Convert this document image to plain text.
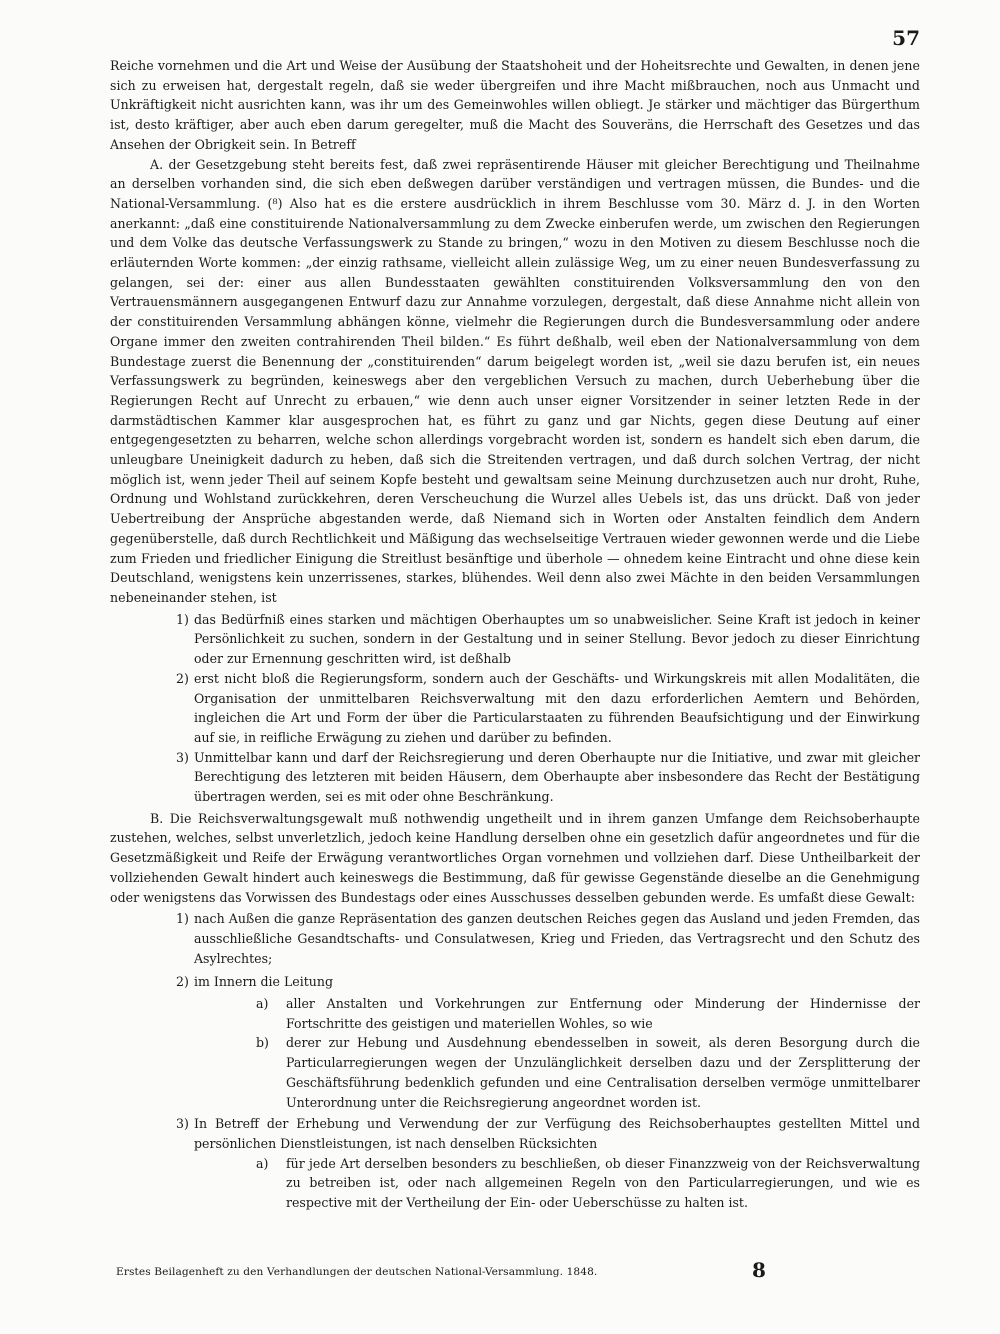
57

Reiche vornehmen und die Art und Weise der Ausübung der Staatshoheit und der Hoheitsrechte und Gewalten, in denen jene sich zu erweisen hat, dergestalt regeln, daß sie weder übergreifen und ihre Macht mißbrauchen, noch aus Unmacht und Unkräftigkeit nicht ausrichten kann, was ihr um des Gemeinwohles willen obliegt. Je stärker und mächtiger das Bürgerthum ist, desto kräftiger, aber auch eben darum geregelter, muß die Macht des Souveräns, die Herrschaft des Gesetzes und das Ansehen der Obrigkeit sein. In Betreff

A. der Gesetzgebung steht bereits fest, daß zwei repräsentirende Häuser mit gleicher Berechtigung und Theilnahme an derselben vorhanden sind, die sich eben deßwegen darüber verständigen und vertragen müssen, die Bundes- und die National-Versammlung. (⁸) Also hat es die erstere ausdrücklich in ihrem Beschlusse vom 30. März d. J. in den Worten anerkannt: „daß eine constituirende Nationalversammlung zu dem Zwecke einberufen werde, um zwischen den Regierungen und dem Volke das deutsche Verfassungswerk zu Stande zu bringen,“ wozu in den Motiven zu diesem Beschlusse noch die erläuternden Worte kommen: „der einzig rathsame, vielleicht allein zulässige Weg, um zu einer neuen Bundesverfassung zu gelangen, sei der: einer aus allen Bundesstaaten gewählten constituirenden Volksversammlung den von den Vertrauensmännern ausgegangenen Entwurf dazu zur Annahme vorzulegen, dergestalt, daß diese Annahme nicht allein von der constituirenden Versammlung abhängen könne, vielmehr die Regierungen durch die Bundesversammlung oder andere Organe immer den zweiten contrahirenden Theil bilden.“ Es führt deßhalb, weil eben der Nationalversammlung von dem Bundestage zuerst die Benennung der „constituirenden“ darum beigelegt worden ist, „weil sie dazu berufen ist, ein neues Verfassungswerk zu begründen, keineswegs aber den vergeblichen Versuch zu machen, durch Ueberhebung über die Regierungen Recht auf Unrecht zu erbauen,“ wie denn auch unser eigner Vorsitzender in seiner letzten Rede in der darmstädtischen Kammer klar ausgesprochen hat, es führt zu ganz und gar Nichts, gegen diese Deutung auf einer entgegengesetzten zu beharren, welche schon allerdings vorgebracht worden ist, sondern es handelt sich eben darum, die unleugbare Uneinigkeit dadurch zu heben, daß sich die Streitenden vertragen, und daß durch solchen Vertrag, der nicht möglich ist, wenn jeder Theil auf seinem Kopfe besteht und gewaltsam seine Meinung durchzusetzen auch nur droht, Ruhe, Ordnung und Wohlstand zurückkehren, deren Verscheuchung die Wurzel alles Uebels ist, das uns drückt. Daß von jeder Uebertreibung der Ansprüche abgestanden werde, daß Niemand sich in Worten oder Anstalten feindlich dem Andern gegenüberstelle, daß durch Rechtlichkeit und Mäßigung das wechselseitige Vertrauen wieder gewonnen werde und die Liebe zum Frieden und friedlicher Einigung die Streitlust besänftige und überhole — ohnedem keine Eintracht und ohne diese kein Deutschland, wenigstens kein unzerrissenes, starkes, blühendes. Weil denn also zwei Mächte in den beiden Versammlungen nebeneinander stehen, ist

1) das Bedürfniß eines starken und mächtigen Oberhauptes um so unabweislicher. Seine Kraft ist jedoch in keiner Persönlichkeit zu suchen, sondern in der Gestaltung und in seiner Stellung. Bevor jedoch zu dieser Einrichtung oder zur Ernennung geschritten wird, ist deßhalb
2) erst nicht bloß die Regierungsform, sondern auch der Geschäfts- und Wirkungskreis mit allen Modalitäten, die Organisation der unmittelbaren Reichsverwaltung mit den dazu erforderlichen Aemtern und Behörden, ingleichen die Art und Form der über die Particularstaaten zu führenden Beaufsichtigung und der Einwirkung auf sie, in reifliche Erwägung zu ziehen und darüber zu befinden.
3) Unmittelbar kann und darf der Reichsregierung und deren Oberhaupte nur die Initiative, und zwar mit gleicher Berechtigung des letzteren mit beiden Häusern, dem Oberhaupte aber insbesondere das Recht der Bestätigung übertragen werden, sei es mit oder ohne Beschränkung.

B. Die Reichsverwaltungsgewalt muß nothwendig ungetheilt und in ihrem ganzen Umfange dem Reichsoberhaupte zustehen, welches, selbst unverletzlich, jedoch keine Handlung derselben ohne ein gesetzlich dafür angeordnetes und für die Gesetzmäßigkeit und Reife der Erwägung verantwortliches Organ vornehmen und vollziehen darf. Diese Untheilbarkeit der vollziehenden Gewalt hindert auch keineswegs die Bestimmung, daß für gewisse Gegenstände dieselbe an die Genehmigung oder wenigstens das Vorwissen des Bundestags oder eines Ausschusses desselben gebunden werde. Es umfaßt diese Gewalt:

1) nach Außen die ganze Repräsentation des ganzen deutschen Reiches gegen das Ausland und jeden Fremden, das ausschließliche Gesandtschafts- und Consulatwesen, Krieg und Frieden, das Vertragsrecht und den Schutz des Asylrechtes;
2) im Innern die Leitung
a) aller Anstalten und Vorkehrungen zur Entfernung oder Minderung der Hindernisse der Fortschritte des geistigen und materiellen Wohles, so wie
b) derer zur Hebung und Ausdehnung ebendesselben in soweit, als deren Besorgung durch die Particularregierungen wegen der Unzulänglichkeit derselben dazu und der Zersplitterung der Geschäftsführung bedenklich gefunden und eine Centralisation derselben vermöge unmittelbarer Unterordnung unter die Reichsregierung angeordnet worden ist.
3) In Betreff der Erhebung und Verwendung der zur Verfügung des Reichsoberhauptes gestellten Mittel und persönlichen Dienstleistungen, ist nach denselben Rücksichten
a) für jede Art derselben besonders zu beschließen, ob dieser Finanzzweig von der Reichsverwaltung zu betreiben ist, oder nach allgemeinen Regeln von den Particularregierungen, und wie es respective mit der Vertheilung der Ein- oder Ueberschüsse zu halten ist.
Erstes Beilagenheft zu den Verhandlungen der deutschen National-Versammlung. 1848.	8
